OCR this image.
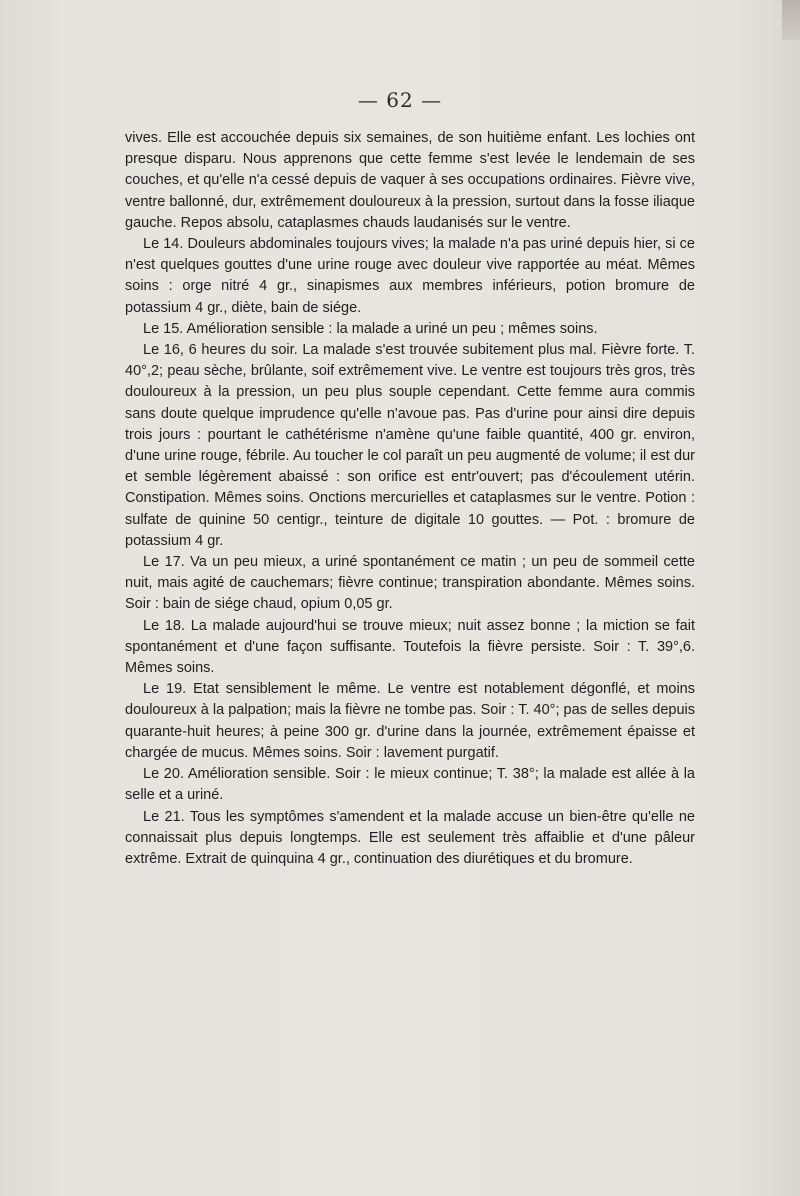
— 62 —

vives. Elle est accouchée depuis six semaines, de son huitième enfant. Les lochies ont presque disparu. Nous apprenons que cette femme s'est levée le lendemain de ses couches, et qu'elle n'a cessé depuis de vaquer à ses occupations ordinaires. Fièvre vive, ventre ballonné, dur, extrêmement douloureux à la pression, surtout dans la fosse iliaque gauche. Repos absolu, cataplasmes chauds laudanisés sur le ventre.

Le 14. Douleurs abdominales toujours vives; la malade n'a pas uriné depuis hier, si ce n'est quelques gouttes d'une urine rouge avec douleur vive rapportée au méat. Mêmes soins : orge nitré 4 gr., sinapismes aux membres inférieurs, potion bromure de potassium 4 gr., diète, bain de siége.

Le 15. Amélioration sensible : la malade a uriné un peu ; mêmes soins.

Le 16, 6 heures du soir. La malade s'est trouvée subitement plus mal. Fièvre forte. T. 40°,2; peau sèche, brûlante, soif extrêmement vive. Le ventre est toujours très gros, très douloureux à la pression, un peu plus souple cependant. Cette femme aura commis sans doute quelque imprudence qu'elle n'avoue pas. Pas d'urine pour ainsi dire depuis trois jours : pourtant le cathétérisme n'amène qu'une faible quantité, 400 gr. environ, d'une urine rouge, fébrile. Au toucher le col paraît un peu augmenté de volume; il est dur et semble légèrement abaissé : son orifice est entr'ouvert; pas d'écoulement utérin. Constipation. Mêmes soins. Onctions mercurielles et cataplasmes sur le ventre. Potion : sulfate de quinine 50 centigr., teinture de digitale 10 gouttes. — Pot. : bromure de potassium 4 gr.

Le 17. Va un peu mieux, a uriné spontanément ce matin ; un peu de sommeil cette nuit, mais agité de cauchemars; fièvre continue; transpiration abondante. Mêmes soins. Soir : bain de siége chaud, opium 0,05 gr.

Le 18. La malade aujourd'hui se trouve mieux; nuit assez bonne ; la miction se fait spontanément et d'une façon suffisante. Toutefois la fièvre persiste. Soir : T. 39°,6. Mêmes soins.

Le 19. Etat sensiblement le même. Le ventre est notablement dégonflé, et moins douloureux à la palpation; mais la fièvre ne tombe pas. Soir : T. 40°; pas de selles depuis quarante-huit heures; à peine 300 gr. d'urine dans la journée, extrêmement épaisse et chargée de mucus. Mêmes soins. Soir : lavement purgatif.

Le 20. Amélioration sensible. Soir : le mieux continue; T. 38°; la malade est allée à la selle et a uriné.

Le 21. Tous les symptômes s'amendent et la malade accuse un bien-être qu'elle ne connaissait plus depuis longtemps. Elle est seulement très affaiblie et d'une pâleur extrême. Extrait de quinquina 4 gr., continuation des diurétiques et du bromure.
